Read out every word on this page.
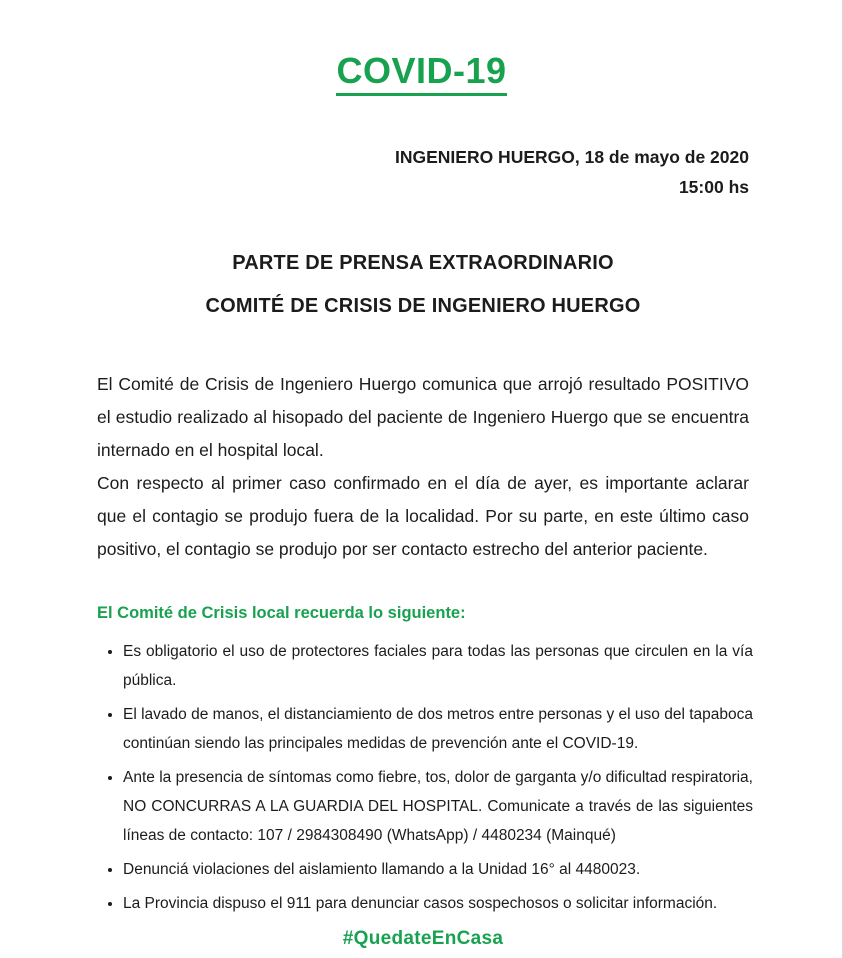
COVID-19
INGENIERO HUERGO, 18 de mayo de 2020
15:00 hs
PARTE DE PRENSA EXTRAORDINARIO
COMITÉ DE CRISIS DE INGENIERO HUERGO

El Comité de Crisis de Ingeniero Huergo comunica que arrojó resultado POSITIVO el estudio realizado al hisopado del paciente de Ingeniero Huergo que se encuentra internado en el hospital local.

Con respecto al primer caso confirmado en el día de ayer, es importante aclarar que el contagio se produjo fuera de la localidad. Por su parte, en este último caso positivo, el contagio se produjo por ser contacto estrecho del anterior paciente.

El Comité de Crisis local recuerda lo siguiente:
• Es obligatorio el uso de protectores faciales para todas las personas que circulen en la vía pública.
• El lavado de manos, el distanciamiento de dos metros entre personas y el uso del tapaboca continúan siendo las principales medidas de prevención ante el COVID-19.
• Ante la presencia de síntomas como fiebre, tos, dolor de garganta y/o dificultad respiratoria, NO CONCURRAS A LA GUARDIA DEL HOSPITAL. Comunicate a través de las siguientes líneas de contacto: 107 / 2984308490 (WhatsApp) / 4480234 (Mainqué)
• Denunciá violaciones del aislamiento llamando a la Unidad 16° al 4480023.
• La Provincia dispuso el 911 para denunciar casos sospechosos o solicitar información.
#QuedateEnCasa
